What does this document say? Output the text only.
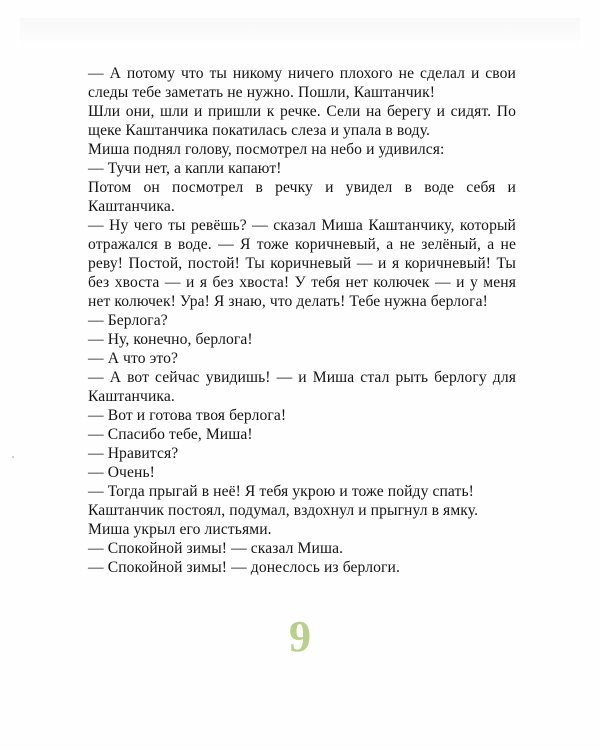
— А потому что ты никому ничего плохого не сделал и свои следы тебе заметать не нужно. Пошли, Каштанчик!

Шли они, шли и пришли к речке. Сели на берегу и сидят. По щеке Каштанчика покатилась слеза и упала в воду.

Миша поднял голову, посмотрел на небо и удивился:

— Тучи нет, а капли капают!

Потом он посмотрел в речку и увидел в воде себя и Каштанчика.

— Ну чего ты ревёшь? — сказал Миша Каштанчику, который отражался в воде. — Я тоже коричневый, а не зелёный, а не реву! Постой, постой! Ты коричневый — и я коричневый! Ты без хвоста — и я без хвоста! У тебя нет колючек — и у меня нет колючек! Ура! Я знаю, что делать! Тебе нужна берлога!

— Берлога?

— Ну, конечно, берлога!

— А что это?

— А вот сейчас увидишь! — и Миша стал рыть берлогу для Каштанчика.

— Вот и готова твоя берлога!

— Спасибо тебе, Миша!

— Нравится?

— Очень!

— Тогда прыгай в неё! Я тебя укрою и тоже пойду спать!

Каштанчик постоял, подумал, вздохнул и прыгнул в ямку.

Миша укрыл его листьями.

— Спокойной зимы! — сказал Миша.

— Спокойной зимы! — донеслось из берлоги.

9
